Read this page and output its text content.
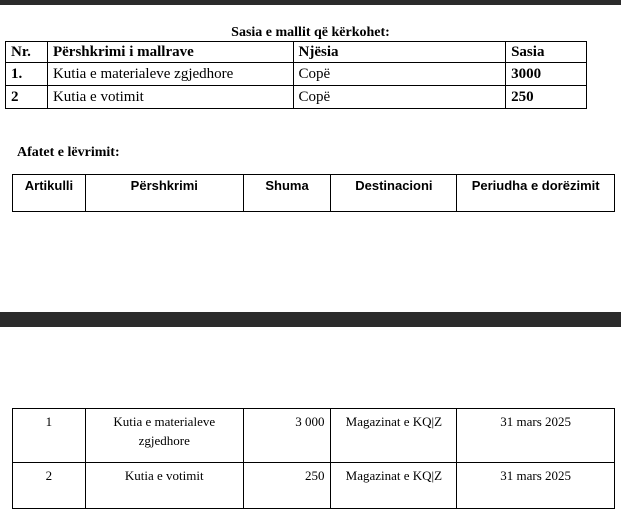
Sasia e mallit që kërkohet:
Nr.	Përshkrimi i mallrave	Njësia	Sasia
1.	Kutia e materialeve zgjedhore	Copë	3000
2	Kutia e votimit	Copë	250
Afatet e lëvrimit:
Artikulli	Përshkrimi	Shuma	Destinacioni	Periudha e dorëzimit
1	Kutia e materialeve zgjedhore	3 000	Magazinat e KQ|Z	31 mars 2025
2	Kutia e votimit	250	Magazinat e KQ|Z	31 mars 2025
